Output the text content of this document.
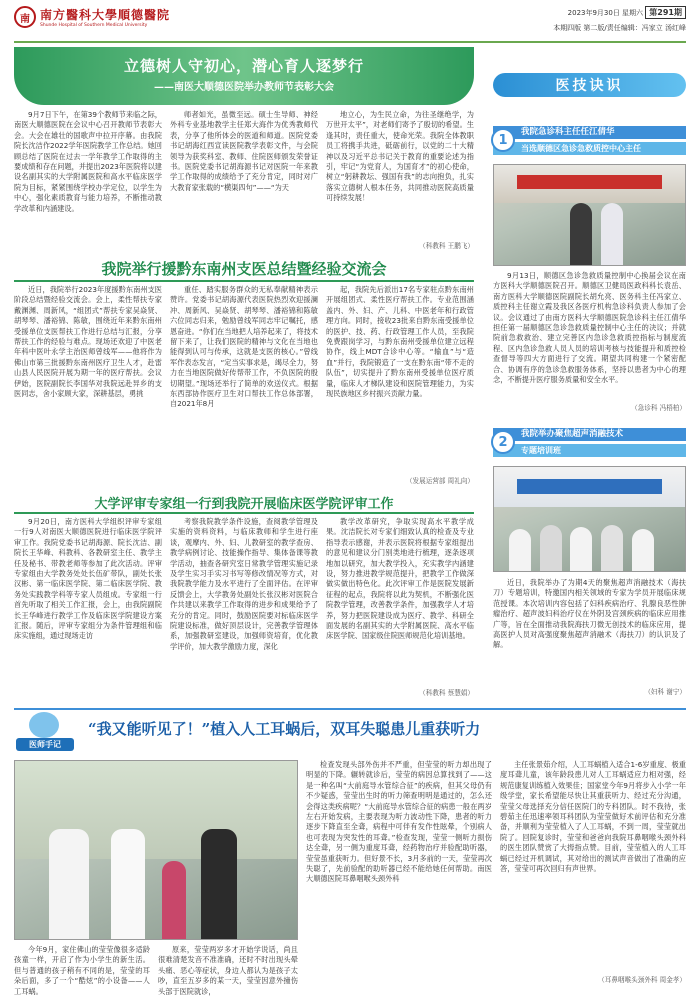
南 南方醫科大學順德醫院
Shunde Hospital of Southern Medical University
2023年9月30日 星期六 第291期
本期四版 第二版/责任编辑：冯家立 汤红峰
立德树人守初心，潜心育人逐梦行
——南医大顺德医院举办教师节表彰大会

9月7日下午，在第39个教师节来临之际，南医大顺德医院在会议中心召开教师节表彰大会。大会在雄壮的国歌声中拉开序幕。由我院院长沈洁作2022学年医院教学工作总结。她回顾总结了医院在过去一学年教学工作取得的主要成绩和存在问题，并提出2023年医院将以建设名副其实的大学附属医院和高水平临床医学院为目标，紧紧围绕学校办学定位，以学生为中心，强化素质教育与能力培养，不断推动教学改革和内涵建设。

师者如光，虽微至远。硕士生导师、神经外科专业基地教学主任郑大海作为优秀教师代表，分享了他所体会的医道和师道。医院党委书记胡海红西宣读医院教学表彰文件，与会院领导为获奖科室、教师、住院医师颁发荣誉证书。医院党委书记胡海源书记对医院一年来教学工作取得的成绩给予了充分肯定，同时对广大教育家张载的“横渠四句”——“为天

地立心，为生民立命，为往圣继绝学，为万世开太平”，对老师们寄予了殷切的希望。生逢其时，责任重大，使命光荣。我院全体教职员工将携手共进，砥砺前行，以党的二十大精神以及习近平总书记关于教育的重要论述为指引，牢记“为党育人，为国育才”的初心使命，树立“躬耕教坛、强国有我”的志向抱负，扎实落实立德树人根本任务，共同推动医院高质量可持续发展！

（科教科 王鹏飞）
我院举行援黔东南州支医总结暨经验交流会

近日，我院举行2023年度援黔东南州支医阶段总结暨经验交流会。会上，柔性帮扶专家戴渊渊、周新风，“组团式”帮扶专家吴焱贤、胡琴琴、潘裕锦、陈敏，围绕近年来黔东南州受援单位支医帮扶工作进行总结与汇报，分享帮扶工作的经验与难点。现场还欢迎了中医老年科中医叶永学主治医师曾线军——他将作为佛山市第三批援黔东南州医疗卫生人才，赴雷山县人民医院开展为期一年的医疗帮扶。会议伊始，医院副院长李国华对我院远赴异乡的支医同志，舍小家顾大家，深耕基层，勇挑

重任、踏实服务群众的无私奉献精神表示赞许。党委书记胡海源代表医院热烈欢迎援澜冲、周新风、吴焱贤、胡琴琴、潘裕锦和陈敏六位同志归来，勉励曾线军同志牢记嘱托，感恩奋进。“你们在当地把人培养起来了，将技术留下来了，让我们医院的精神与文化在当地也能得到认可与传承，这就是支医的核心。”曾线军作表态发言，“定当实事求是，竭尽全力，努力在当地医院做好传帮带工作，不负医院的殷切期望。”现场还举行了简单的欢送仪式。根据东西部协作医疗卫生对口帮扶工作总体部署，自2021年8月

起，我院先后派出17名专家驻点黔东南州开展组团式、柔性医疗帮扶工作。专业范围涵盖内、外、妇、产、儿科、中医老年和行政管理方向。同时，接收23批来自黔东南受援单位的医护、技、药、行政管理工作人员，至我院免费跟岗学习，与黔东南州受援单位建立远程协作，线上MDT合诊中心等。“输血”与“造血”并行，我院锻造了一支在黔东南“带不走的队伍”，切实提升了黔东南州受援单位医疗质量，临床人才梯队建设和医院管理能力，为实现民族地区乡村振兴贡献力量。

（发展运营部 周礼向）
大学评审专家组一行到我院开展临床医学院评审工作

9月20日，南方医科大学组织评审专家组一行9人对南医大顺德医院进行临床医学院评审工作。我院党委书记胡海源、院长沈洁、副院长王华峰、科教科、各教研室主任、教学主任及秘书、带教老师等参加了此次活动。评审专家组由大学教务处处长伍矿带队，副处长张汉彬、第一临床医学院、第二临床医学院、教务处实践教学科等专家人员组成。专家组一行首先听取了相关工作汇报，会上，由我院副院长王华峰进行教学工作及临床医学院建设方案汇报。随后，评审专家组分为条件管理组和临床实施组，通过现场走访

考察我院教学条件设施，查阅教学管理及实施的资料资料，与临床教师和学生进行座谈，观摩内、外、妇、儿教研室的教学查房、教学病例讨论、技能操作指导、集体备课等教学活动，抽查各研究室日常教学管理实施记录及学生实习手实习书写等修改情况等方式，对我院教学能力及水平进行了全面评估。在评审反馈会上，大学教务处副处长张汉彬对医院合作共建以来教学工作取得的进步和成果给予了充分的肯定。同时，鼓励医院要对标临床医学院建设标准，做好顶层设计，完善教学管理体系，加强教研室建设，加强师资培育，优化教学评价，加大教学激励力度，深化

教学改革研究，争取实现高水平教学成果。沈洁院长对专家们细致认真的检查及专业指导表示感谢，并表示医院将根据专家组提出的意见和建议分门别类地进行梳理，逐条逐项地加以研究，加大教学投入，充实教学内涵建设，努力推进教学规范提升，把教学工作做深做实做出特色化。此次评审工作是医院发展新征程的起点，我院将以此为契机，不断强化医院教学管理，改善教学条件，加强教学人才培养，努力把医院建设成为医疗、教学、科研全面发展的名副其实的大学附属医院、高水平临床医学院、国家级住院医师规范化培训基地。

（科教科 蔡慧娟）
医技诀识
我院急诊科主任任江倩华
当选顺德区急诊急救质控中心主任
1

9月13日，顺德区急诊急救质量控制中心换届会议在南方医科大学顺德医院召开。顺德区卫健局医政科科长袁岳、南方医科大学顺德医院副院长胡允亮、医务科主任冯家立、质控科主任谢立霞及我区各医疗机构急诊科负责人参加了会议。会议通过了由南方医科大学顺德医院急诊科主任江倩华担任第一届顺德区急诊急救质量控制中心主任的决议；并就院前急救救治、建立完善区内急诊急救质控指标与制度流程、区内急诊急救人员人员的培训考核与技能提升和质控检查督导等四大方面进行了交流。期望共同构建一个紧密配合、协调有序的急诊急救服务体系，坚持以患者为中心的理念，不断提升医疗服务质量和安全水平。

（急诊科 冯梧柏）
我院举办聚焦超声消融技术
专题培训班
2

近日，我院举办了为期4天的聚焦超声消融技术（海扶刀）专题培训，特邀国内相关领域的专家为学员开展临床规范授课。本次培训内容包括了妇科疾病治疗、乳腺良恶性肿瘤治疗、超声波妇科治疗仪在外阴及宫颈疾病的临床应用推广等，旨在全面推动我院海扶刀微无创技术的临床应用，提高医护人员对高强度聚焦超声消融术（海扶刀）的认识及了解。

（妇科 谢宁）
医师手记
“我又能听见了！”植入人工耳蜗后，双耳失聪患儿重获听力

今年9月，家住佛山的莹莹像很多适龄孩童一样，开启了作为小学生的新生活。但与普通的孩子稍有不同的是，莹莹的耳朵后面，多了一个“酷炫”的小设备——人工耳蜗。

原来，莹莹两岁多才开始学说话，尚且很难清楚发音不准准确，还时不时出现头晕头痛、恶心等症状，身边人都认为是孩子太吵，直至五岁多的某一天，莹莹因意外撞伤头部于医院就诊，

检查发现头部外伤并不严重，但莹莹的听力却出现了明显的下降。辗转就诊后，莹莹的病因总算找到了——这是一种名叫“大前庭导水管综合征”的疾病，但其父母仍有不少疑惑，莹莹出生时的听力筛查明明是通过的，怎么还会得这类疾病呢？“大前庭导水管综合征的病患一般在两岁左右开始发病，主要表现为听力波动性下降，患者的听力逐步下降直至全聋，病程中可伴有发作性眩晕，个别病人也可表现为突发性的耳聋。”检查发现，莹莹一侧听力损伤达全聋，另一侧为重度耳聋，经药物治疗并验配助听器，莹莹虽重获听力。但好景不长，3月多前的一天，莹莹再次失聪了，先前验配的助听器已经不能给她任何帮助。南医大顺德医院耳鼻咽喉头颈外科

主任张景茹介绍，人工耳蜗植入适合1-6岁重度、极重度耳聋儿童，该年龄段患儿对人工耳蜗适应力相对强，经规范康复训练植入效果佳；国家堂今年9月将步入小学一年级学堂，家长希望能尽快让其重获听力、经过充分沟通，莹莹父母选择充分信任医院门的专科团队。时不我待，张碧茹主任迅速率领耳科团队为莹莹做好术前评估和充分准备，并顺利为莹莹植入了人工耳蜗，不到一周，莹莹就出院了。回院复诊时，莹莹和爸爸向我院耳鼻咽喉头颈外科的医生团队赞赏了大拇指点赞。目前，莹莹植入的人工耳蜗已经过开机调试，其对给出的测试声音做出了准确的应答，莹莹可再次回归有声世界。

（耳鼻咽喉头颈外科 周金孝）
